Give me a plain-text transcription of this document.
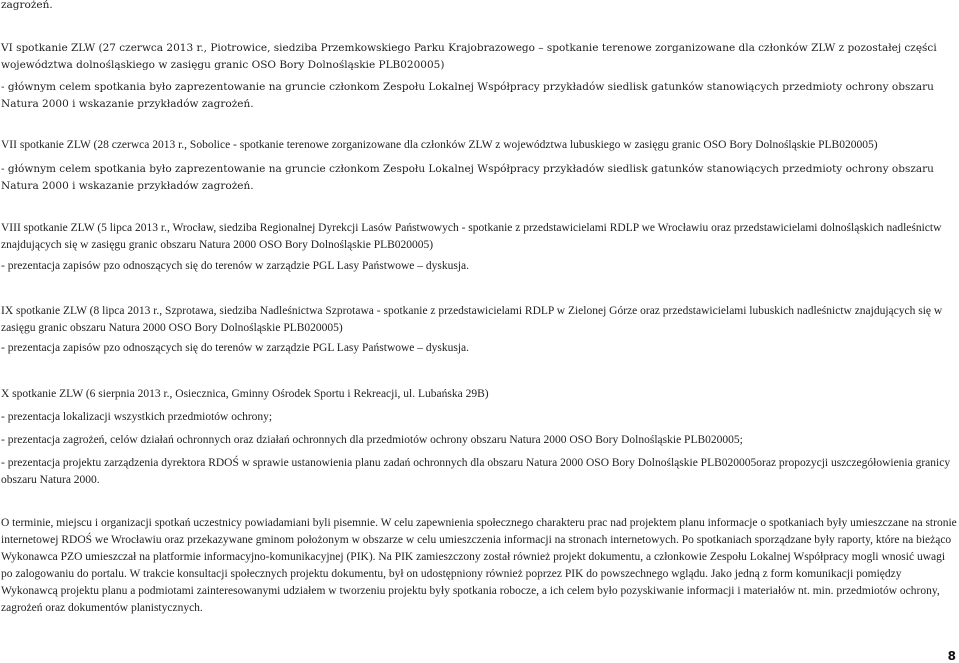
zagrożeń.

VI spotkanie ZLW (27 czerwca 2013 r., Piotrowice, siedziba Przemkowskiego Parku Krajobrazowego – spotkanie terenowe zorganizowane dla członków ZLW z pozostałej części województwa dolnośląskiego w zasięgu granic OSO Bory Dolnośląskie PLB020005)

- głównym celem spotkania było zaprezentowanie na gruncie członkom Zespołu Lokalnej Współpracy przykładów siedlisk gatunków stanowiących przedmioty ochrony obszaru Natura 2000 i wskazanie przykładów zagrożeń.

VII spotkanie ZLW (28 czerwca 2013 r., Sobolice - spotkanie terenowe zorganizowane dla członków ZLW z województwa lubuskiego w zasięgu granic OSO Bory Dolnośląskie PLB020005)

- głównym celem spotkania było zaprezentowanie na gruncie członkom Zespołu Lokalnej Współpracy przykładów siedlisk gatunków stanowiących przedmioty ochrony obszaru Natura 2000 i wskazanie przykładów zagrożeń.

VIII spotkanie ZLW (5 lipca 2013 r., Wrocław, siedziba Regionalnej Dyrekcji Lasów Państwowych - spotkanie z przedstawicielami RDLP we Wrocławiu oraz przedstawicielami dolnośląskich nadleśnictw znajdujących się w zasięgu granic obszaru Natura 2000 OSO Bory Dolnośląskie PLB020005)

- prezentacja zapisów pzo odnoszących się do terenów w zarządzie PGL Lasy Państwowe – dyskusja.

IX spotkanie ZLW (8 lipca 2013 r., Szprotawa, siedziba Nadleśnictwa Szprotawa - spotkanie z przedstawicielami RDLP w Zielonej Górze oraz przedstawicielami lubuskich nadleśnictw znajdujących się w zasięgu granic obszaru Natura 2000 OSO Bory Dolnośląskie PLB020005)

- prezentacja zapisów pzo odnoszących się do terenów w zarządzie PGL Lasy Państwowe – dyskusja.

X spotkanie ZLW (6 sierpnia 2013 r., Osiecznica, Gminny Ośrodek Sportu i Rekreacji, ul. Lubańska 29B)

- prezentacja lokalizacji wszystkich przedmiotów ochrony;

- prezentacja zagrożeń, celów działań ochronnych oraz działań ochronnych dla przedmiotów ochrony obszaru Natura 2000 OSO Bory Dolnośląskie PLB020005;

- prezentacja projektu zarządzenia dyrektora RDOŚ w sprawie ustanowienia planu zadań ochronnych dla obszaru Natura 2000 OSO Bory Dolnośląskie PLB020005oraz propozycji uszczegółowienia granicy obszaru Natura 2000.

O terminie, miejscu i organizacji spotkań uczestnicy powiadamiani byli pisemnie. W celu zapewnienia społecznego charakteru prac nad projektem planu informacje o spotkaniach były umieszczane na stronie internetowej RDOŚ we Wrocławiu oraz przekazywane gminom położonym w obszarze w celu umieszczenia informacji na stronach internetowych. Po spotkaniach sporządzane były raporty, które na bieżąco Wykonawca PZO umieszczał na platformie informacyjno-komunikacyjnej (PIK). Na PIK zamieszczony został również projekt dokumentu, a członkowie Zespołu Lokalnej Współpracy mogli wnosić uwagi po zalogowaniu do portalu. W trakcie konsultacji społecznych projektu dokumentu, był on udostępniony również poprzez PIK do powszechnego wglądu. Jako jedną z form komunikacji pomiędzy Wykonawcą projektu planu a podmiotami zainteresowanymi udziałem w tworzeniu projektu były spotkania robocze, a ich celem było pozyskiwanie informacji i materiałów nt. min. przedmiotów ochrony, zagrożeń oraz dokumentów planistycznych.

8
